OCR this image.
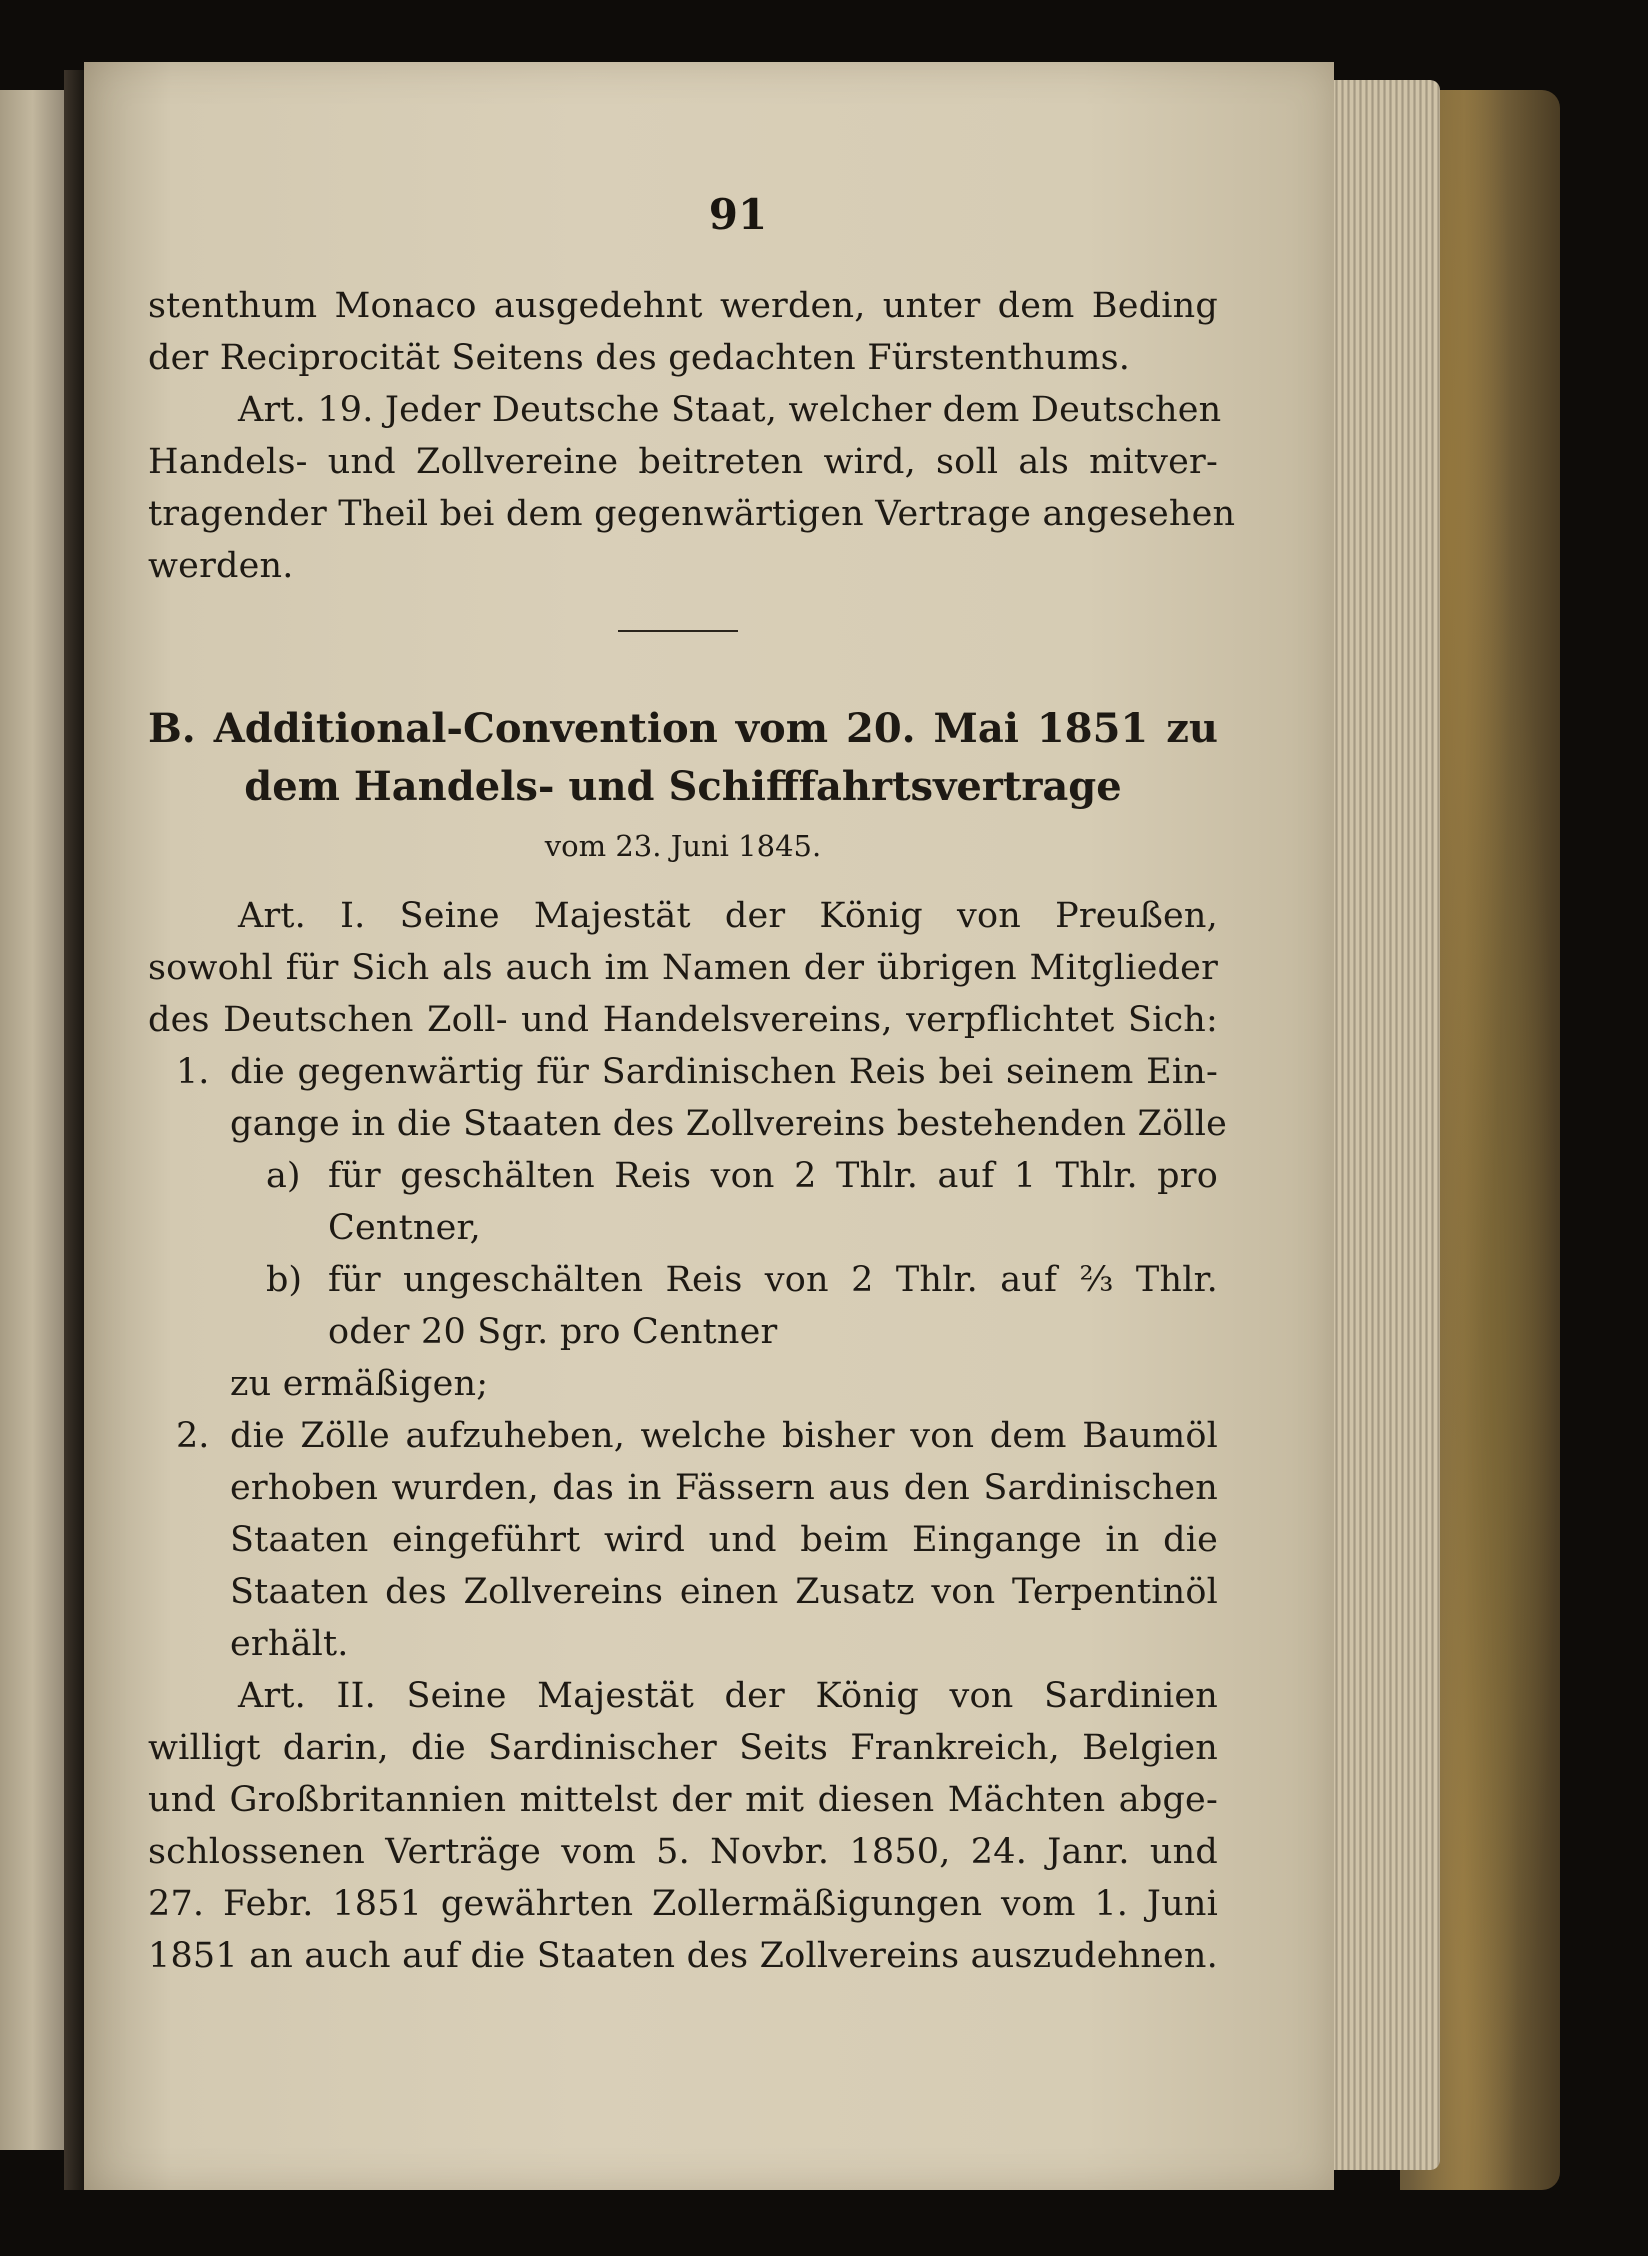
91
stenthum Monaco ausgedehnt werden, unter dem Beding
der Reciprocität Seitens des gedachten Fürstenthums.
Art. 19. Jeder Deutsche Staat, welcher dem Deutschen
Handels- und Zollvereine beitreten wird, soll als mitver-
tragender Theil bei dem gegenwärtigen Vertrage angesehen
werden.
B. Additional-Convention vom 20. Mai 1851 zu
dem Handels- und Schifffahrtsvertrage
vom 23. Juni 1845.
Art. I. Seine Majestät der König von Preußen,
sowohl für Sich als auch im Namen der übrigen Mitglieder
des Deutschen Zoll- und Handelsvereins, verpflichtet Sich:
1. die gegenwärtig für Sardinischen Reis bei seinem Ein-
gange in die Staaten des Zollvereins bestehenden Zölle
a) für geschälten Reis von 2 Thlr. auf 1 Thlr. pro
Centner,
b) für ungeschälten Reis von 2 Thlr. auf ⅔ Thlr.
oder 20 Sgr. pro Centner
zu ermäßigen;
2. die Zölle aufzuheben, welche bisher von dem Baumöl
erhoben wurden, das in Fässern aus den Sardinischen
Staaten eingeführt wird und beim Eingange in die
Staaten des Zollvereins einen Zusatz von Terpentinöl
erhält.
Art. II. Seine Majestät der König von Sardinien
willigt darin, die Sardinischer Seits Frankreich, Belgien
und Großbritannien mittelst der mit diesen Mächten abge-
schlossenen Verträge vom 5. Novbr. 1850, 24. Janr. und
27. Febr. 1851 gewährten Zollermäßigungen vom 1. Juni
1851 an auch auf die Staaten des Zollvereins auszudehnen.
